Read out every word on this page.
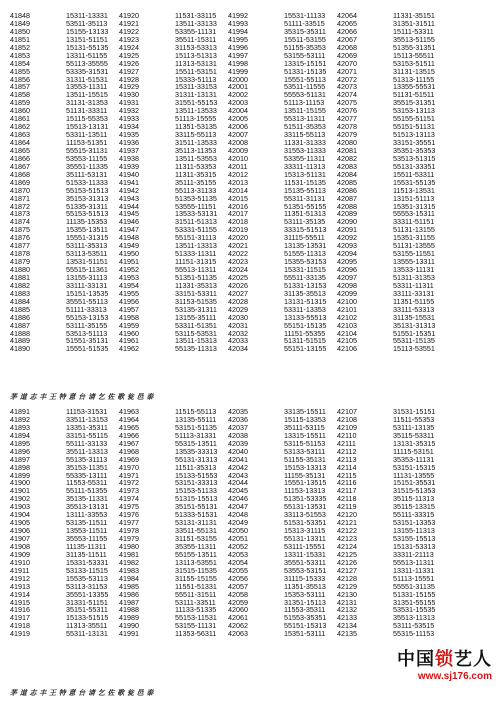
41848
41849
41850
41851
41852
41853
41854
41855
41856
41857
41858
41859
41860
41861
41862
41863
41864
41865
41866
41867
41868
41869
41870
41871
41872
41873
41874
41875
41876
41877
41878
41879
41880
41881
41882
41883
41884
41885
41886
41887
41888
41889
41890
15311-13331
53511-35113
15155-13133
13151-51151
15131-55135
13311-51155
55113-35555
53335-31531
31311-51531
13553-11311
13511-15515
31131-31353
51131-33311
15115-55353
15513-13131
53311-13511
11153-51351
55515-31131
53553-11155
35551-11335
35111-53131
51533-11333
55153-51513
35153-31313
51335-31311
55153-51513
11135-15353
15355-13511
15551-31315
53111-35313
53113-53511
13531-51151
55515-11361
13155-31113
33111-33131
15151-13535
35551-55113
51111-33313
55153-13153
53111-35155
53513-51113
51551-35131
15551-51535
41920
41921
41922
41923
41924
41925
41926
41927
41928
41929
41930
41931
41932
41933
41934
41935
41936
41937
41938
41939
41940
41941
41942
41943
41944
41945
41946
41947
41948
41949
41950
41951
41952
41953
41954
41955
41956
41957
41958
41959
41960
41961
41962
11531-33115
13511-33133
53355-11131
35511-15311
31153-53313
15113-51313
11313-53131
15511-53151
15333-51113
15311-33153
31311-13131
31551-55153
13511-13533
51113-15555
11351-53135
33115-55113
31511-13533
35113-11353
13511-53553
11311-53353
11311-35315
35111-35155
55113-31133
51353-51135
53555-11151
13533-53131
31511-51313
53331-51155
55151-31113
13511-13313
51333-11311
11151-31315
55513-11311
51351-51135
11331-35313
33151-53311
31153-51535
53135-31311
13155-35111
53311-51351
53115-53531
13511-15313
55135-11313
41992
41993
41994
41995
41996
41997
41998
41999
42000
42001
42002
42003
42004
42005
42006
42007
42008
42009
42010
42011
42012
42013
42014
42015
42016
42017
42018
42019
42020
42021
42022
42023
42024
42025
42026
42027
42028
42029
42030
42031
42032
42033
42034
15531-11133
51111-33515
35315-35311
15511-53155
51155-35353
53155-53111
13315-15151
51331-15135
15551-55113
53511-11555
55553-51131
51113-11153
13511-15155
55313-11311
51511-35353
33115-55113
11331-31333
31553-11333
53355-11311
33311-11313
15313-51131
11531-15135
15135-55113
55311-31131
51351-55155
11351-51313
53111-35135
33315-51513
31115-55511
13135-13531
51555-11313
15355-53153
15331-11515
55511-33135
51331-13153
31135-35513
13131-51315
53311-13353
13133-55513
55151-15135
11151-55355
51311-51515
55151-13155
42064
42065
42066
42067
42068
42069
42070
42071
42072
42073
42074
42075
42076
42077
42078
42079
42080
42081
42082
42083
42084
42085
42086
42087
42088
42089
42090
42091
42092
42093
42094
42095
42096
42097
42098
42099
42100
42101
42102
42103
42104
42105
42106
11331-35151
31351-31511
15111-53311
35513-51155
51355-31351
15113-55511
53153-51511
31131-13515
51313-11155
13355-55531
51131-51511
35515-31351
53153-13113
55155-51151
55151-51131
51513-13113
33151-35551
35351-35353
53513-51315
55131-33351
15511-53311
15531-55135
11513-13531
13151-51113
15351-31315
55553-15311
33311-51151
51131-13155
15351-31155
51131-13555
53155-11551
13555-13311
13533-11131
51311-31353
53311-11311
33111-33131
11351-51155
33111-53313
31135-15531
35131-31313
51551-15351
55311-15135
15113-53551
茅 道 志 丰 王 特 意 台 请 乞 佐 歌 瓮 邑 泰
41891
41892
41893
41894
41895
41896
41897
41898
41899
41900
41901
41902
41903
41904
41905
41906
41907
41908
41909
41910
41911
41912
41913
41914
41915
41916
41917
41918
41919
11153-31531
33511-13153
13351-35311
33151-55115
55111-33133
35511-13313
55135-31113
35153-11351
55335-13111
11553-55311
55111-51355
35135-11331
35513-13131
13111-33553
53135-11511
13553-11511
35553-11155
11135-11311
31135-11511
15331-53331
53133-11515
15535-53113
53113-31153
35551-13355
31331-51151
35151-55311
15133-51515
11313-35511
55311-13131
41963
41964
41965
41966
41967
41968
41969
41970
41971
41972
41973
41974
41975
41976
41977
41978
41979
41980
41981
41982
41983
41984
41985
41986
41987
41988
41989
41990
41991
11515-55113
13135-55111
53151-51135
51113-31331
55315-13511
13535-33313
55131-31313
11511-35313
15133-51553
53151-33313
15153-51133
51315-15513
35151-55131
51333-51531
53131-31131
33511-55131
31151-53155
35355-11311
55155-13511
13113-53551
31515-11535
31155-15155
11551-51331
55511-31511
53111-33511
11133-51335
55153-11531
53155-11131
11353-56311
42035
42036
42037
42038
42039
42040
42041
42042
42043
42044
42045
42046
42047
42048
42049
42050
42051
42052
42053
42054
42055
42056
42057
42058
42059
42060
42061
42062
42063
33135-15511
15115-13353
35111-53115
13315-15511
53115-51153
53133-53111
51155-35131
15153-13313
11155-35131
15551-13515
11153-13313
51351-53335
55131-13531
33113-51553
51531-53351
15313-31115
55131-13311
53111-15551
13311-15331
35551-53311
53553-53151
31115-15333
11351-35513
15353-53111
31351-15113
11553-35311
51553-35351
55151-15313
15351-53111
42107
42108
42109
42110
42111
42112
42113
42114
42115
42116
42117
42118
42119
42120
42121
42122
42123
42124
42125
42126
42127
42128
42129
42130
42131
42132
42133
42134
42135
31531-15151
11511-55353
53111-13135
35115-53311
13131-35315
11115-53151
35353-11131
53151-15315
11131-13555
15151-35531
31515-51353
35115-11313
35115-13315
55111-33315
53151-13353
13155-11313
53155-15513
15131-53313
33311-21113
55513-11311
13311-11331
51113-15551
55551-31135
51331-15155
31351-55155
53531-15535
35513-11313
53111-53515
55315-11153
茅 道 志 丰 王 特 意 台 请 乞 佐 歌 瓮 邑 泰
中国锁艺人
www.sj176.com
